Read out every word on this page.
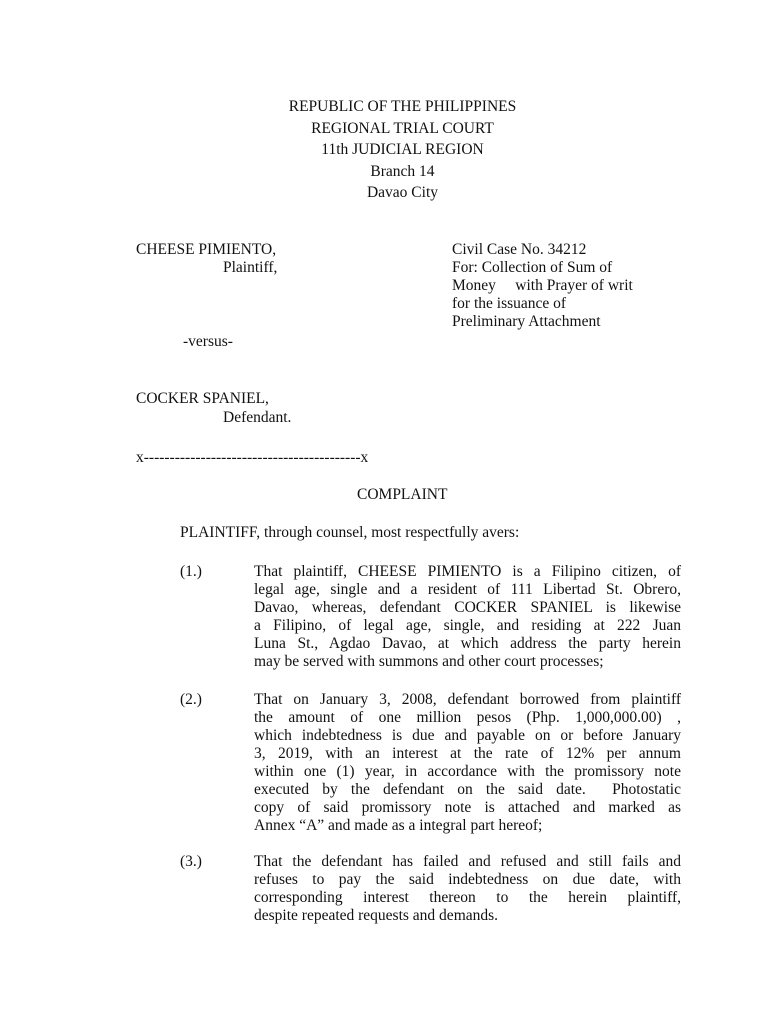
REPUBLIC OF THE PHILIPPINES
REGIONAL TRIAL COURT
11th JUDICIAL REGION
Branch 14
Davao City
CHEESE PIMIENTO,
Plaintiff,
-versus-
COCKER SPANIEL,
Defendant.
x------------------------------------------x
Civil Case No. 34212
For: Collection of Sum of
Money     with Prayer of writ
for the issuance of
Preliminary Attachment
COMPLAINT
PLAINTIFF, through counsel, most respectfully avers:
(1.)	That plaintiff, CHEESE PIMIENTO is a Filipino citizen, of
legal age, single and a resident of 111 Libertad St. Obrero,
Davao, whereas, defendant COCKER SPANIEL is likewise
a Filipino, of legal age, single, and residing at 222 Juan
Luna St., Agdao Davao, at which address the party herein
may be served with summons and other court processes;
(2.)	That on January 3, 2008, defendant borrowed from plaintiff
the amount of one million pesos (Php. 1,000,000.00) ,
which indebtedness is due and payable on or before January
3, 2019, with an interest at the rate of 12% per annum
within one (1) year, in accordance with the promissory note
executed by the defendant on the said date.  Photostatic
copy of said promissory note is attached and marked as
Annex “A” and made as a integral part hereof;
(3.)	That the defendant has failed and refused and still fails and
refuses to pay the said indebtedness on due date, with
corresponding interest thereon to the herein plaintiff,
despite repeated requests and demands.
